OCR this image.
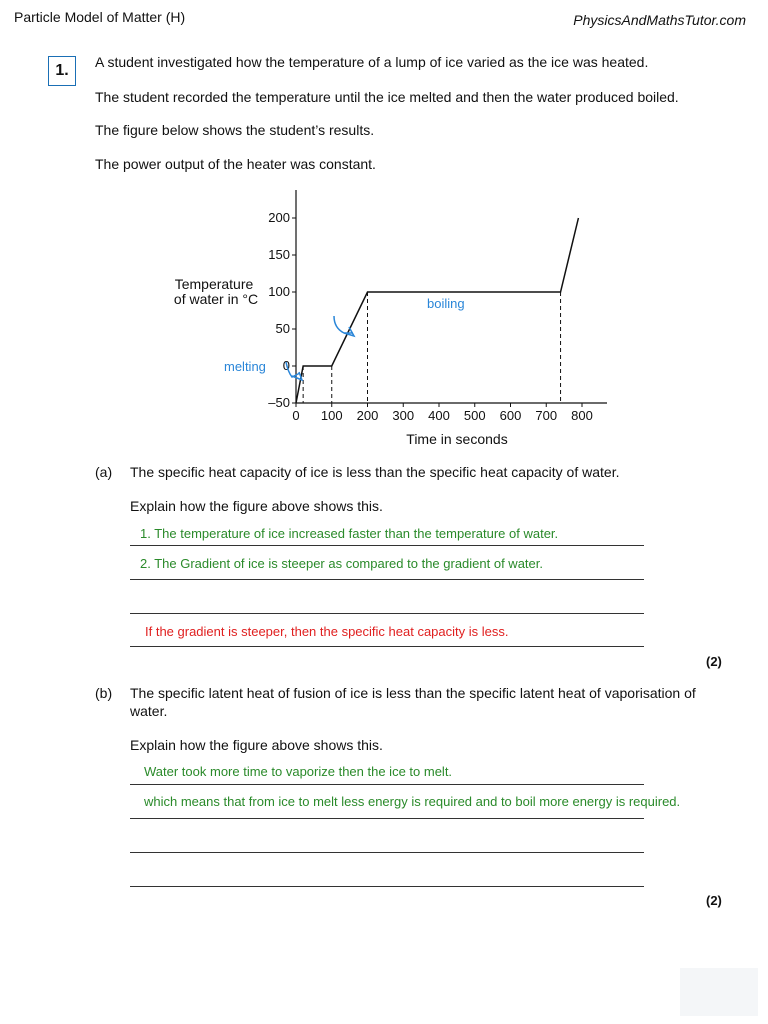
Particle Model of Matter (H)	PhysicsAndMathsTutor.com
1.	A student investigated how the temperature of a lump of ice varied as the ice was heated.
The student recorded the temperature until the ice melted and then the water produced boiled.
The figure below shows the student’s results.
The power output of the heater was constant.
200
150
100
50
0
–50
0 100 200 300 400 500 600 700 800
Time in seconds
Temperature
of water in °C
melting
boiling
(a) The specific heat capacity of ice is less than the specific heat capacity of water.
Explain how the figure above shows this.
1. The temperature of ice increased faster than the temperature of water.
2. The Gradient of ice is steeper as compared to the gradient of water.
If the gradient is steeper, then the specific heat capacity is less.
(2)
(b) The specific latent heat of fusion of ice is less than the specific latent heat of vaporisation of
water.
Explain how the figure above shows this.
Water took more time to vaporize then the ice to melt.
which means that from ice to melt less energy is required and to boil more energy is required.
(2)
